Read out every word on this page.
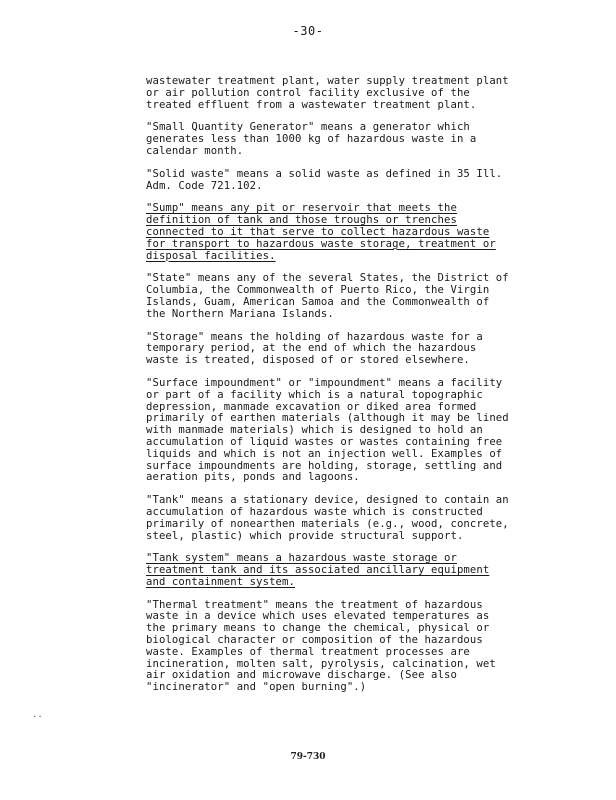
-30-

wastewater treatment plant, water supply treatment plant
or air pollution control facility exclusive of the
treated effluent from a wastewater treatment plant.

"Small Quantity Generator" means a generator which
generates less than 1000 kg of hazardous waste in a
calendar month.

"Solid waste" means a solid waste as defined in 35 Ill.
Adm. Code 721.102.

"Sump" means any pit or reservoir that meets the
definition of tank and those troughs or trenches
connected to it that serve to collect hazardous waste
for transport to hazardous waste storage, treatment or
disposal facilities.

"State" means any of the several States, the District of
Columbia, the Commonwealth of Puerto Rico, the Virgin
Islands, Guam, American Samoa and the Commonwealth of
the Northern Mariana Islands.

"Storage" means the holding of hazardous waste for a
temporary period, at the end of which the hazardous
waste is treated, disposed of or stored elsewhere.

"Surface impoundment" or "impoundment" means a facility
or part of a facility which is a natural topographic
depression, manmade excavation or diked area formed
primarily of earthen materials (although it may be lined
with manmade materials) which is designed to hold an
accumulation of liquid wastes or wastes containing free
liquids and which is not an injection well. Examples of
surface impoundments are holding, storage, settling and
aeration pits, ponds and lagoons.

"Tank" means a stationary device, designed to contain an
accumulation of hazardous waste which is constructed
primarily of nonearthen materials (e.g., wood, concrete,
steel, plastic) which provide structural support.

"Tank system" means a hazardous waste storage or
treatment tank and its associated ancillary equipment
and containment system.

"Thermal treatment" means the treatment of hazardous
waste in a device which uses elevated temperatures as
the primary means to change the chemical, physical or
biological character or composition of the hazardous
waste. Examples of thermal treatment processes are
incineration, molten salt, pyrolysis, calcination, wet
air oxidation and microwave discharge. (See also
"incinerator" and "open burning".)

..
79-730
